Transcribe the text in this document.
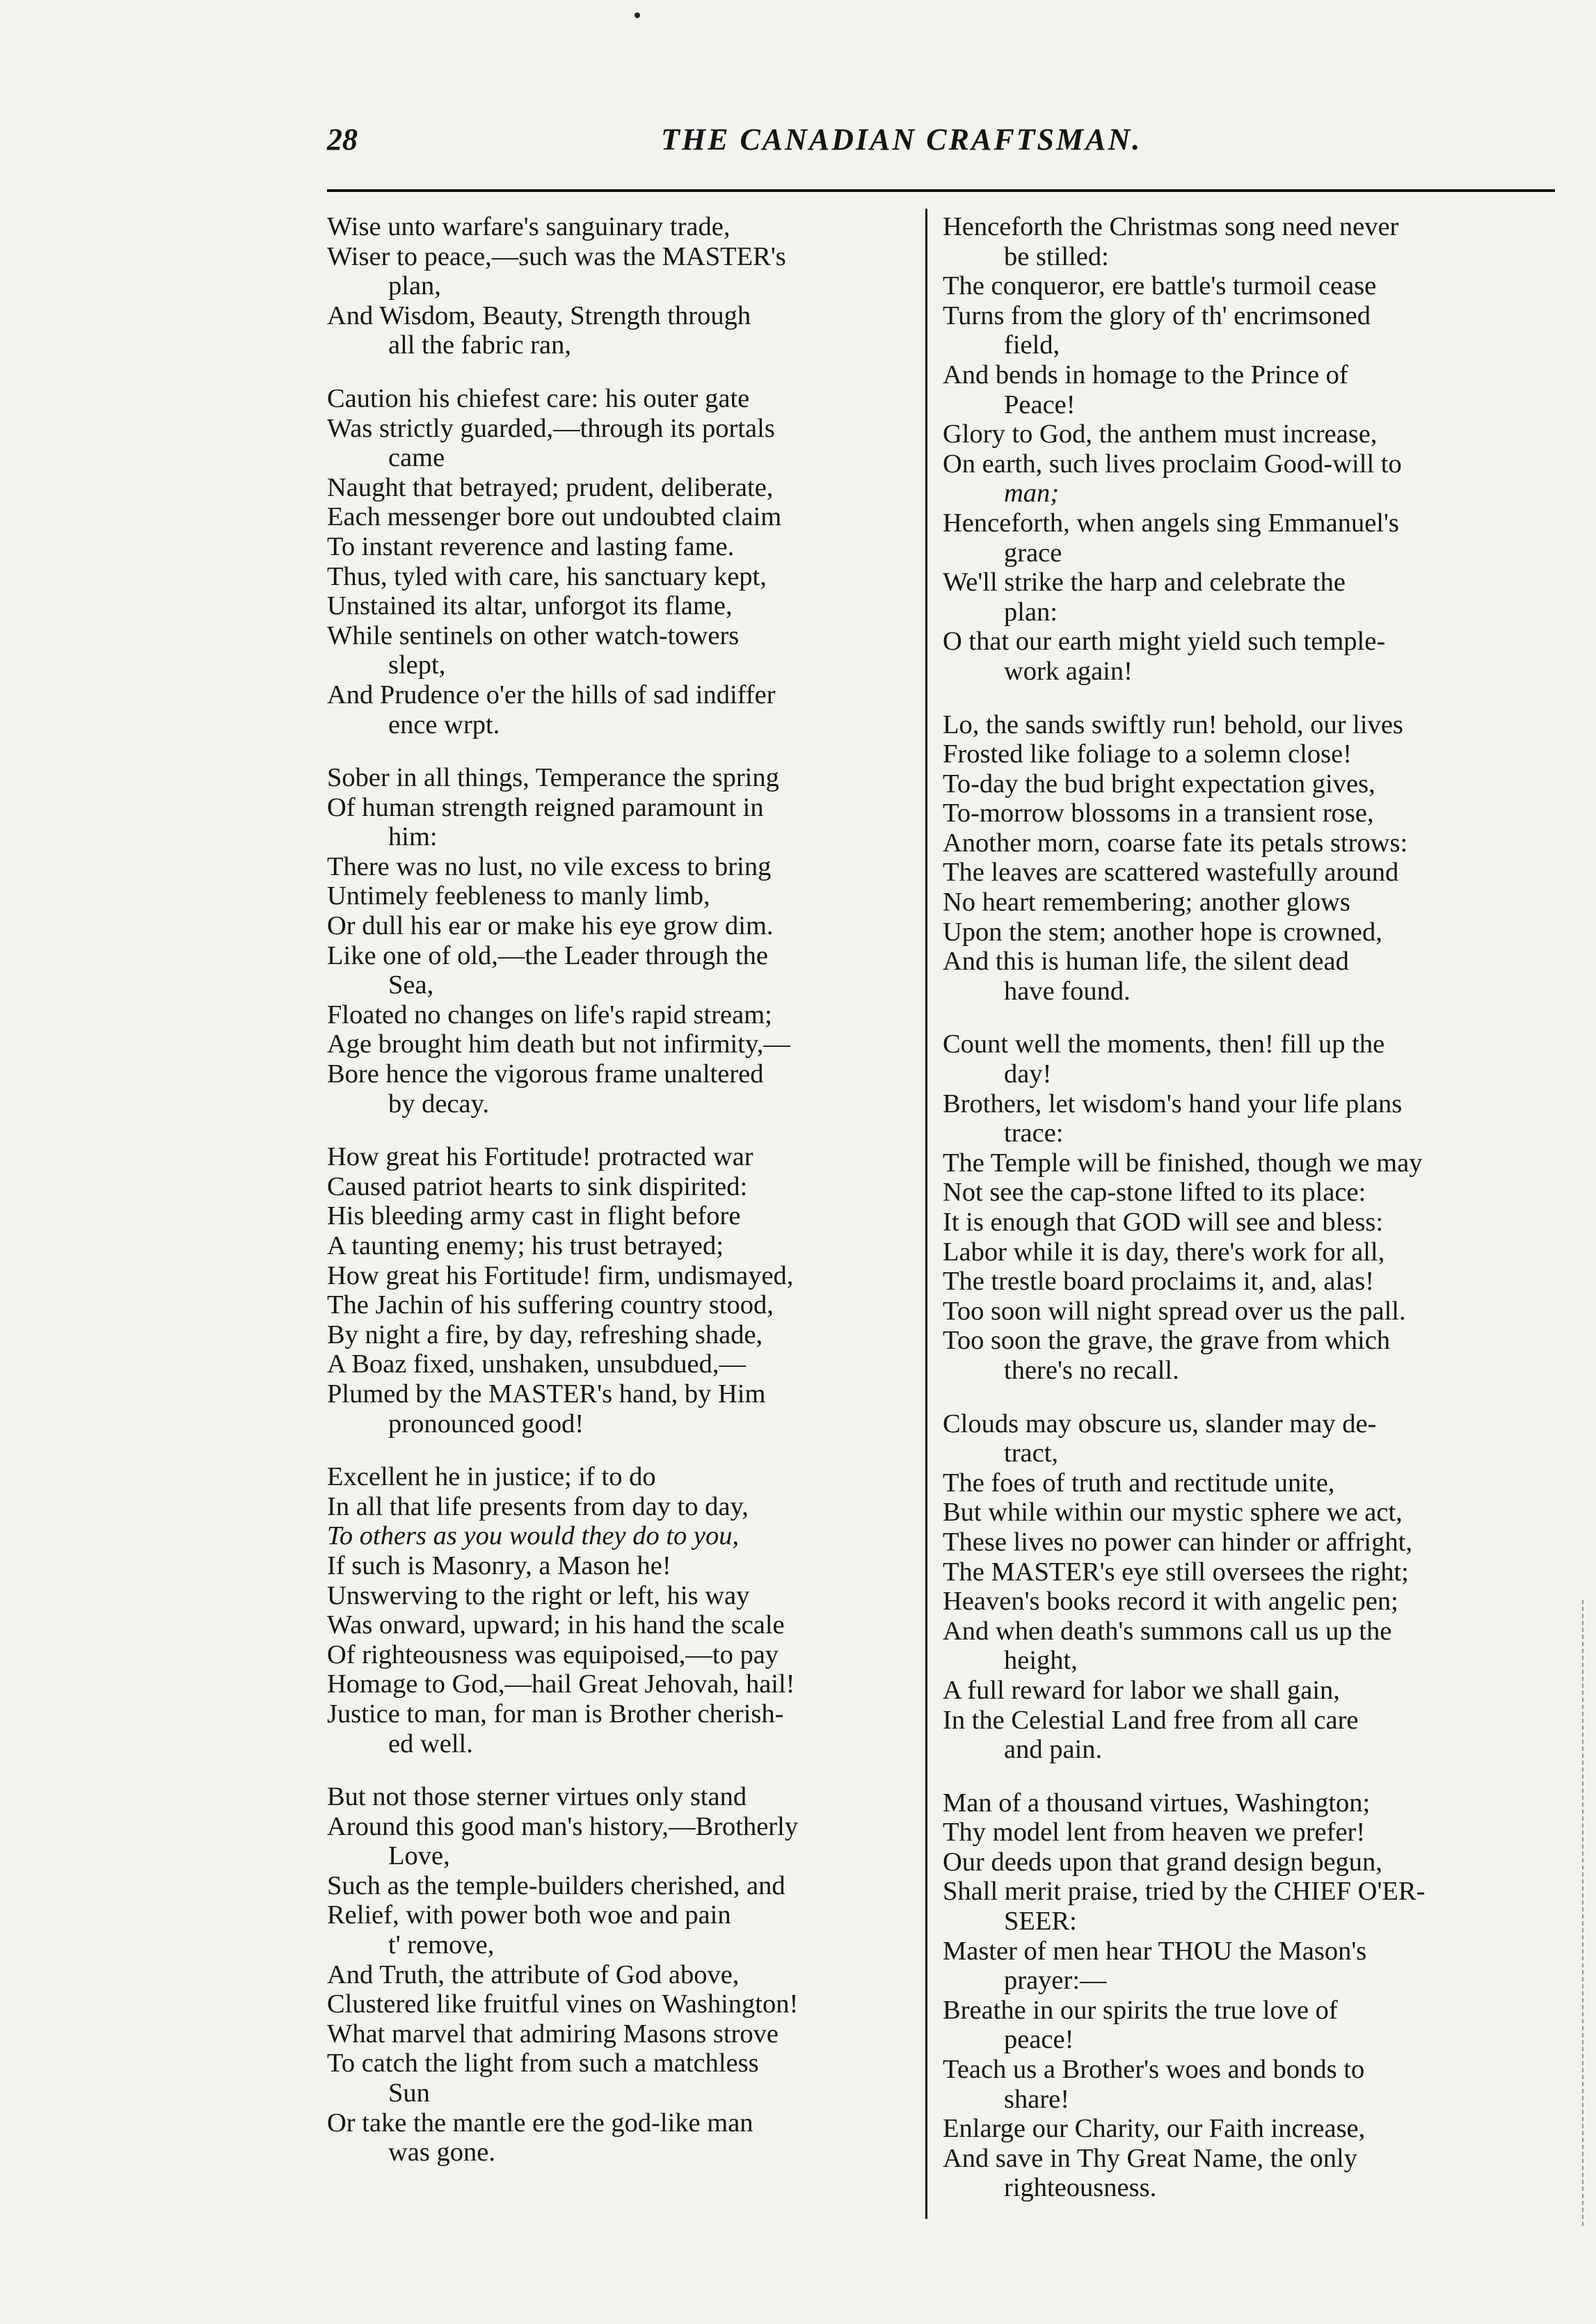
28	THE CANADIAN CRAFTSMAN.
Wise unto warfare's sanguinary trade,
Wiser to peace,—such was the MASTER's
plan,
And Wisdom, Beauty, Strength through
all the fabric ran,
Caution his chiefest care: his outer gate
Was strictly guarded,—through its portals
came
Naught that betrayed; prudent, deliberate,
Each messenger bore out undoubted claim
To instant reverence and lasting fame.
Thus, tyled with care, his sanctuary kept,
Unstained its altar, unforgot its flame,
While sentinels on other watch-towers
slept,
And Prudence o'er the hills of sad indiffer
ence wrpt.
Sober in all things, Temperance the spring
Of human strength reigned paramount in
him:
There was no lust, no vile excess to bring
Untimely feebleness to manly limb,
Or dull his ear or make his eye grow dim.
Like one of old,—the Leader through the
Sea,
Floated no changes on life's rapid stream;
Age brought him death but not infirmity,—
Bore hence the vigorous frame unaltered
by decay.
How great his Fortitude! protracted war
Caused patriot hearts to sink dispirited:
His bleeding army cast in flight before
A taunting enemy; his trust betrayed;
How great his Fortitude! firm, undismayed,
The Jachin of his suffering country stood,
By night a fire, by day, refreshing shade,
A Boaz fixed, unshaken, unsubdued,—
Plumed by the MASTER's hand, by Him
pronounced good!
Excellent he in justice; if to do
In all that life presents from day to day,
To others as you would they do to you,
If such is Masonry, a Mason he!
Unswerving to the right or left, his way
Was onward, upward; in his hand the scale
Of righteousness was equipoised,—to pay
Homage to God,—hail Great Jehovah, hail!
Justice to man, for man is Brother cherish-
ed well.
But not those sterner virtues only stand
Around this good man's history,—Brotherly
Love,
Such as the temple-builders cherished, and
Relief, with power both woe and pain
t' remove,
And Truth, the attribute of God above,
Clustered like fruitful vines on Washington!
What marvel that admiring Masons strove
To catch the light from such a matchless
Sun
Or take the mantle ere the god-like man
was gone.
Henceforth the Christmas song need never
be stilled:
The conqueror, ere battle's turmoil cease
Turns from the glory of th' encrimsoned
field,
And bends in homage to the Prince of
Peace!
Glory to God, the anthem must increase,
On earth, such lives proclaim Good-will to
man;
Henceforth, when angels sing Emmanuel's
grace
We'll strike the harp and celebrate the
plan:
O that our earth might yield such temple-
work again!
Lo, the sands swiftly run! behold, our lives
Frosted like foliage to a solemn close!
To-day the bud bright expectation gives,
To-morrow blossoms in a transient rose,
Another morn, coarse fate its petals strows:
The leaves are scattered wastefully around
No heart remembering; another glows
Upon the stem; another hope is crowned,
And this is human life, the silent dead
have found.
Count well the moments, then! fill up the
day!
Brothers, let wisdom's hand your life plans
trace:
The Temple will be finished, though we may
Not see the cap-stone lifted to its place:
It is enough that GOD will see and bless:
Labor while it is day, there's work for all,
The trestle board proclaims it, and, alas!
Too soon will night spread over us the pall.
Too soon the grave, the grave from which
there's no recall.
Clouds may obscure us, slander may de-
tract,
The foes of truth and rectitude unite,
But while within our mystic sphere we act,
These lives no power can hinder or affright,
The MASTER's eye still oversees the right;
Heaven's books record it with angelic pen;
And when death's summons call us up the
height,
A full reward for labor we shall gain,
In the Celestial Land free from all care
and pain.
Man of a thousand virtues, Washington;
Thy model lent from heaven we prefer!
Our deeds upon that grand design begun,
Shall merit praise, tried by the CHIEF O'ER-
SEER:
Master of men hear THOU the Mason's
prayer:—
Breathe in our spirits the true love of
peace!
Teach us a Brother's woes and bonds to
share!
Enlarge our Charity, our Faith increase,
And save in Thy Great Name, the only
righteousness.
